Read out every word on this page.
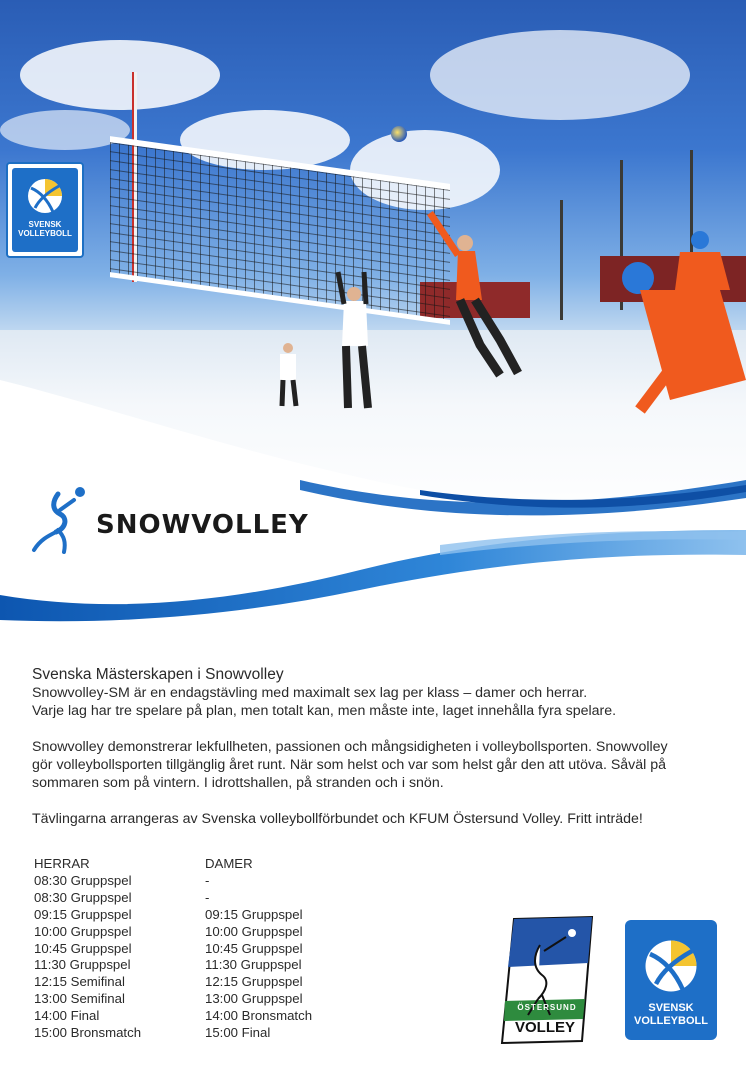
SVENSK VOLLEYBOLL
SNOWVOLLEY

Svenska Mästerskapen i Snowvolley

Snowvolley-SM är en endagstävling med maximalt sex lag per klass – damer och herrar.

Varje lag har tre spelare på plan, men totalt kan, men måste inte, laget innehålla fyra spelare.

Snowvolley demonstrerar lekfullheten, passionen och mångsidigheten i volleybollsporten. Snowvolley

gör volleybollsporten tillgänglig året runt. När som helst och var som helst går den att utöva. Såväl på

sommaren som på vintern. I idrottshallen, på stranden och i snön.

Tävlingarna arrangeras av Svenska volleybollförbundet och KFUM Östersund Volley. Fritt inträde!

HERRAR
08:30 Gruppspel
08:30 Gruppspel
09:15 Gruppspel
10:00 Gruppspel
10:45 Gruppspel
11:30 Gruppspel
12:15 Semifinal
13:00 Semifinal
14:00 Final
15:00 Bronsmatch
DAMER
-
-
09:15 Gruppspel
10:00 Gruppspel
10:45 Gruppspel
11:30 Gruppspel
12:15 Gruppspel
13:00 Gruppspel
14:00 Bronsmatch
15:00 Final
ÖSTERSUND
VOLLEY
SVENSK
VOLLEYBOLL
